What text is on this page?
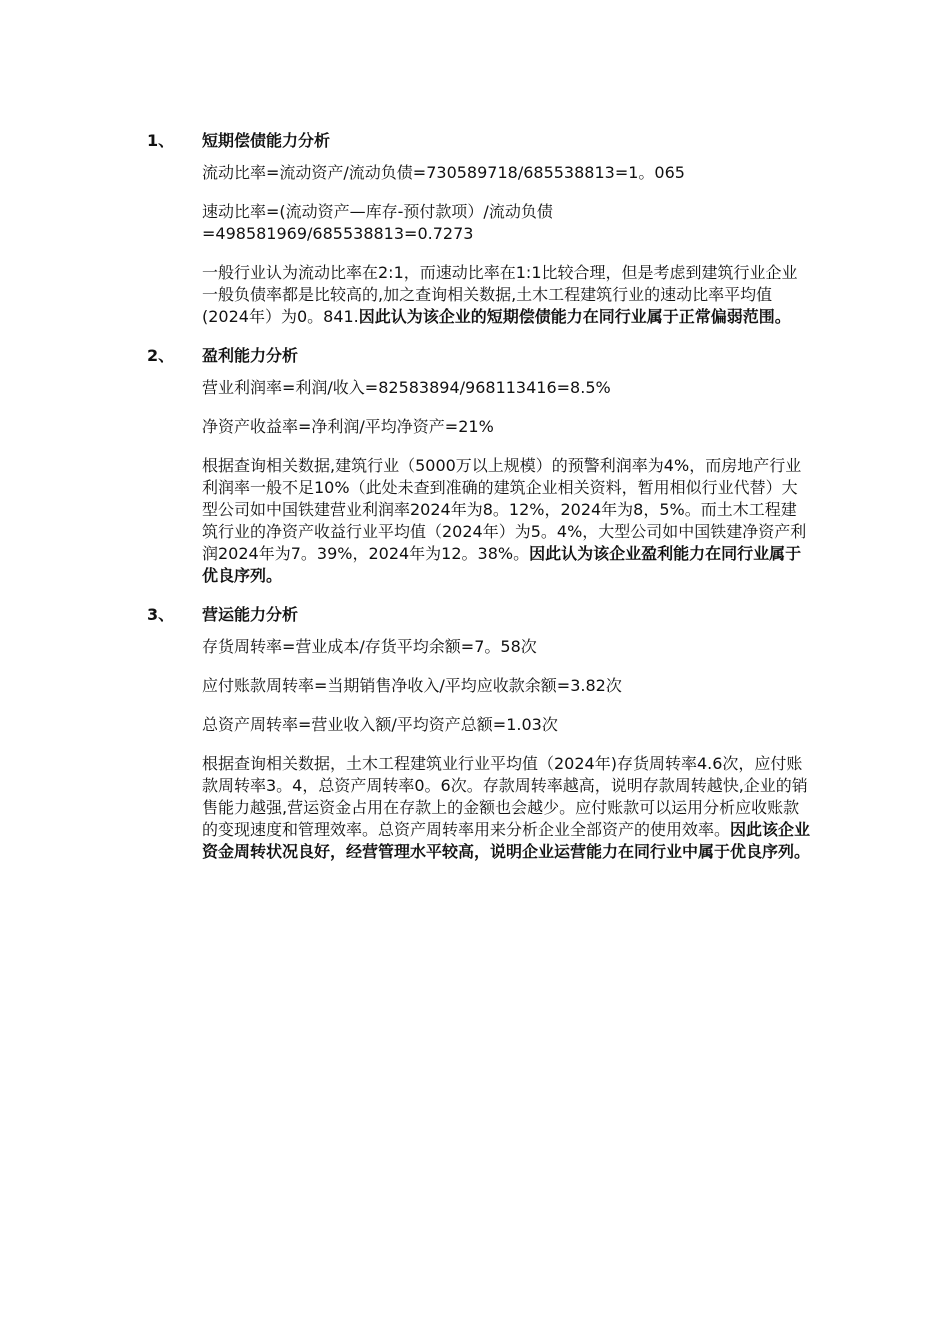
1、 短期偿债能力分析

流动比率=流动资产/流动负债=730589718/685538813=1。065

速动比率=(流动资产—库存-预付款项）/流动负债=498581969/685538813=0.7273

一般行业认为流动比率在2:1，而速动比率在1:1比较合理，但是考虑到建筑行业企业一般负债率都是比较高的,加之查询相关数据,土木工程建筑行业的速动比率平均值(2024年）为0。841.因此认为该企业的短期偿债能力在同行业属于正常偏弱范围。

2、 盈利能力分析

营业利润率=利润/收入=82583894/968113416=8.5%

净资产收益率=净利润/平均净资产=21%

根据查询相关数据,建筑行业（5000万以上规模）的预警利润率为4%，而房地产行业利润率一般不足10%（此处未查到准确的建筑企业相关资料，暂用相似行业代替）大型公司如中国铁建营业利润率2024年为8。12%，2024年为8，5%。而土木工程建筑行业的净资产收益行业平均值（2024年）为5。4%，大型公司如中国铁建净资产利润2024年为7。39%，2024年为12。38%。因此认为该企业盈利能力在同行业属于优良序列。

3、 营运能力分析

存货周转率=营业成本/存货平均余额=7。58次

应付账款周转率=当期销售净收入/平均应收款余额=3.82次

总资产周转率=营业收入额/平均资产总额=1.03次

根据查询相关数据，土木工程建筑业行业平均值（2024年)存货周转率4.6次，应付账款周转率3。4，总资产周转率0。6次。存款周转率越高，说明存款周转越快,企业的销售能力越强,营运资金占用在存款上的金额也会越少。应付账款可以运用分析应收账款的变现速度和管理效率。总资产周转率用来分析企业全部资产的使用效率。因此该企业资金周转状况良好，经营管理水平较高，说明企业运营能力在同行业中属于优良序列。
